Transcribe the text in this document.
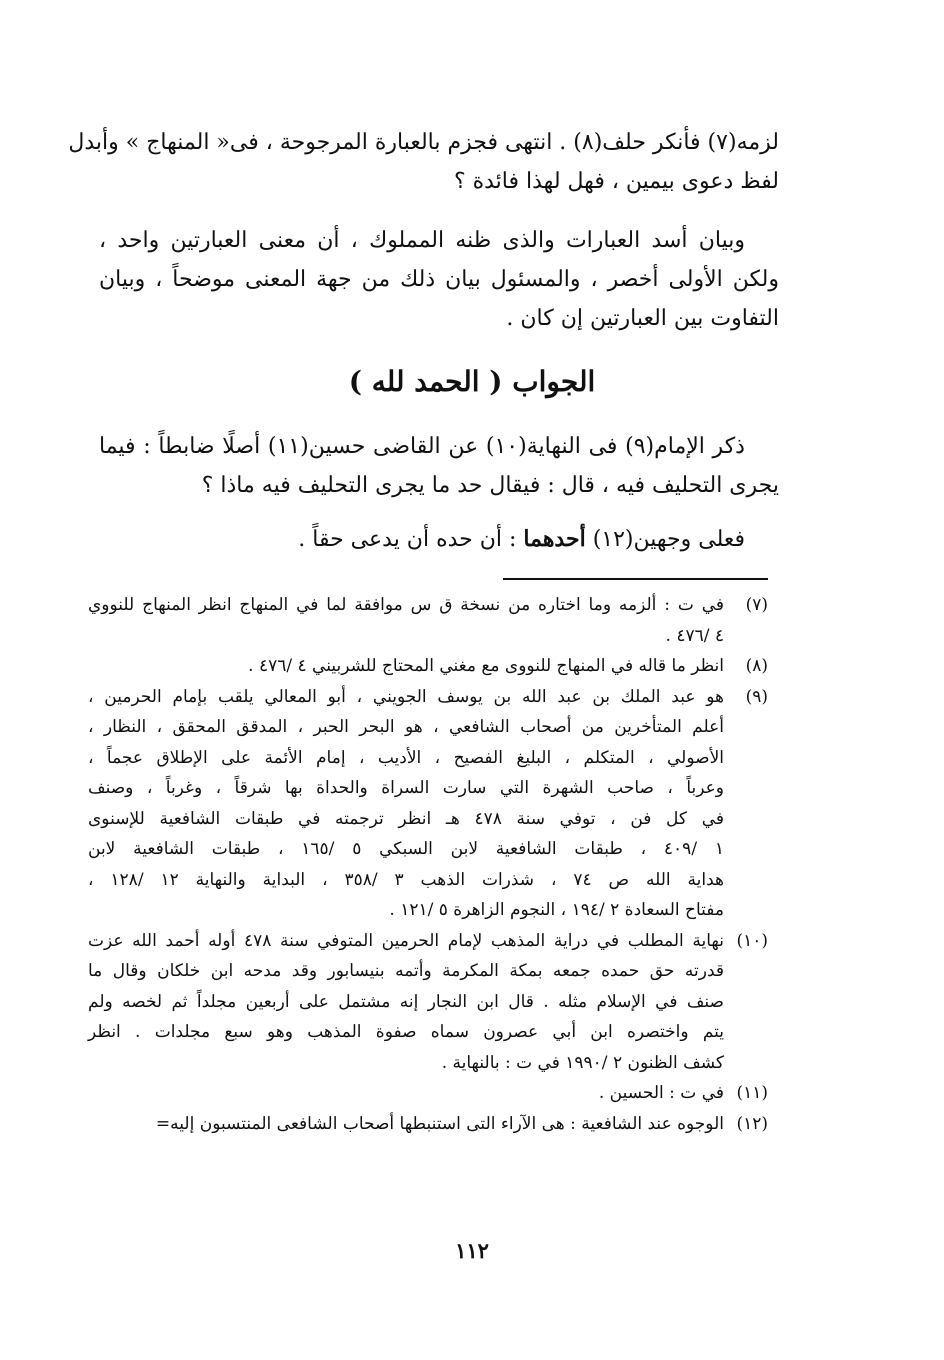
لزمه(٧) فأنكر حلف(٨) . انتهى فجزم بالعبارة المرجوحة ، فى« المنهاج » وأبدل
لفظ دعوى بيمين ، فهل لهذا فائدة ؟
وبيان أسد العبارات والذى ظنه المملوك ، أن معنى العبارتين واحد ،
ولكن الأولى أخصر ، والمسئول بيان ذلك من جهة المعنى موضحاً ، وبيان
التفاوت بين العبارتين إن كان .
الجواب ( الحمد لله )
ذكر الإمام(٩) فى النهاية(١٠) عن القاضى حسين(١١) أصلًا ضابطاً : فيما
يجرى التحليف فيه ، قال : فيقال حد ما يجرى التحليف فيه ماذا ؟
فعلى وجهين(١٢) أحدهما : أن حده أن يدعى حقاً .
(٧)
في ت : ألزمه وما اختاره من نسخة ق س موافقة لما في المنهاج انظر المنهاج للنووي
٤ /٤٧٦ .
(٨)
انظر ما قاله في المنهاج للنووى مع مغني المحتاج للشربيني ٤ /٤٧٦ .
(٩)
هو عبد الملك بن عبد الله بن يوسف الجويني ، أبو المعالي يلقب بإمام الحرمين ،
أعلم المتأخرين من أصحاب الشافعي ، هو البحر الحبر ، المدقق المحقق ، النظار ،
الأصولي ، المتكلم ، البليغ الفصيح ، الأديب ، إمام الأئمة على الإطلاق عجماً ،
وعرباً ، صاحب الشهرة التي سارت السراة والحداة بها شرقاً ، وغرباً ، وصنف
في كل فن ، توفي سنة ٤٧٨ هـ انظر ترجمته في طبقات الشافعية للإسنوى
١ /٤٠٩ ، طبقات الشافعية لابن السبكي ٥ /١٦٥ ، طبقات الشافعية لابن
هداية الله ص ٧٤ ، شذرات الذهب ٣ /٣٥٨ ، البداية والنهاية ١٢ /١٢٨ ،
مفتاح السعادة ٢ /١٩٤ ، النجوم الزاهرة ٥ /١٢١ .
(١٠)
نهاية المطلب في دراية المذهب لإمام الحرمين المتوفي سنة ٤٧٨ أوله أحمد الله عزت
قدرته حق حمده جمعه بمكة المكرمة وأتمه بنيسابور وقد مدحه ابن خلكان وقال ما
صنف في الإسلام مثله . قال ابن النجار إنه مشتمل على أربعين مجلداً ثم لخصه ولم
يتم واختصره ابن أبي عصرون سماه صفوة المذهب وهو سبع مجلدات . انظر
كشف الظنون ٢ /١٩٩٠ في ت : بالنهاية .
(١١)
في ت : الحسين .
(١٢)
الوجوه عند الشافعية : هى الآراء التى استنبطها أصحاب الشافعى المنتسبون إليه=
١١٢
